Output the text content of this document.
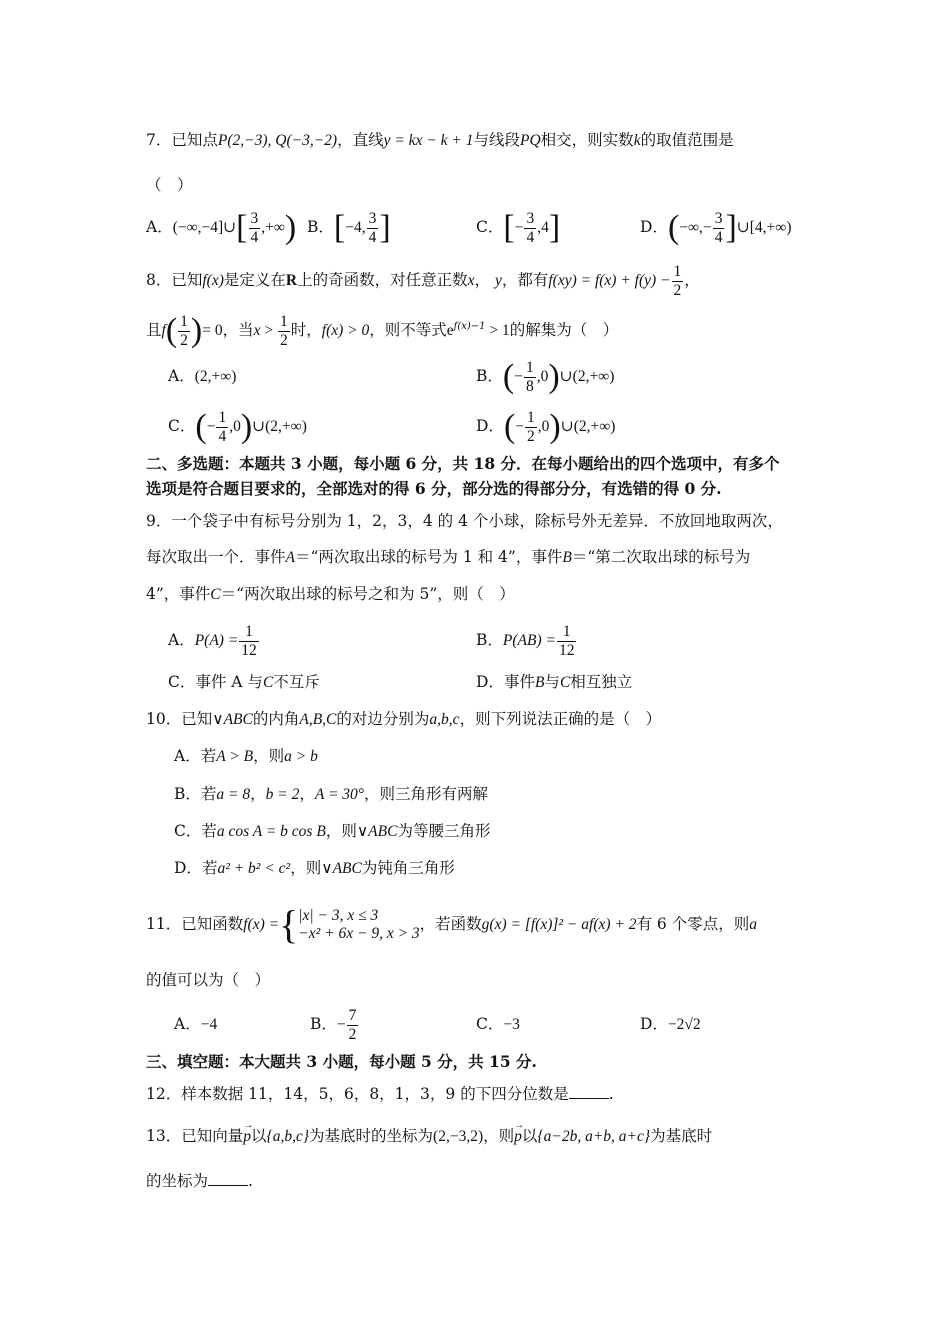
7．已知点P(2,−3), Q(−3,−2)，直线y = kx − k + 1与线段PQ相交，则实数k的取值范围是
（　）
A．(−∞,−4]∪[ $\frac{3}{4}$ ,+∞) B．[−4, $\frac{3}{4}$ ]	C．[− $\frac{3}{4} ,4$]	D．(−∞,− $\frac{3}{4}$ ]∪[4,+∞)
8．已知f(x)是定义在R上的奇函数，对任意正数x， y，都有$f(xy) = f(x) + f(y) - \frac{1}{2}$ ，
且$f( \frac{1}{2}$ )= 0，当$x > \frac{1}{2}$ 时，f(x) > 0，则不等式$e^{f(x)-1} > 1$的解集为（　）
A．(2,+∞)	B．(− $\frac{1}{8}$ ,0)∪(2,+∞)
C．(− $\frac{1}{4}$ ,0)∪(2,+∞)	D．(− $\frac{1}{2}$ ,0)∪(2,+∞)
二、多选题：本题共 3 小题，每小题 6 分，共 18 分．在每小题给出的四个选项中，有多个
选项是符合题目要求的，全部选对的得 6 分，部分选的得部分分，有选错的得 0 分.
9．一个袋子中有标号分别为 1，2，3，4 的 4 个小球，除标号外无差异．不放回地取两次，
每次取出一个．事件A＝“两次取出球的标号为 1 和 4”，事件B＝“第二次取出球的标号为
4”，事件C＝“两次取出球的标号之和为 5”，则（　）
A．$P(A) = \frac{1}{12}$	B．$P(AB) = \frac{1}{12}$
C．事件 A 与C不互斥	D．事件B与C相互独立
10．已知∨ABC的内角A,B,C的对边分别为a,b,c，则下列说法正确的是（　）
A．若A > B，则a > b
B．若a = 8，b = 2，A = 30°，则三角形有两解
C．若a cos A = b cos B，则∨ABC为等腰三角形
D．若a² + b² < c²，则∨ABC为钝角三角形
11．已知函数f(x) ={ |x| − 3, x ≤ 3
−x² + 6x − 9, x > 3
，若函数g(x) = [f(x)]² − af(x) + 2有 6 个零点，则a
的值可以为（　）
A．−4	B．− $\frac{7}{2}$	C．−3	D．−2√2
三、填空题：本大题共 3 小题，每小题 5 分，共 15 分.
12．样本数据 11，14，5，6，8，1，3，9 的下四分位数是	.
13．已知向量→ p以{a,b,c}为基底时的坐标为(2,−3,2)，则→ p以{a−2b, a+b, a+c}为基底时
的坐标为	.
